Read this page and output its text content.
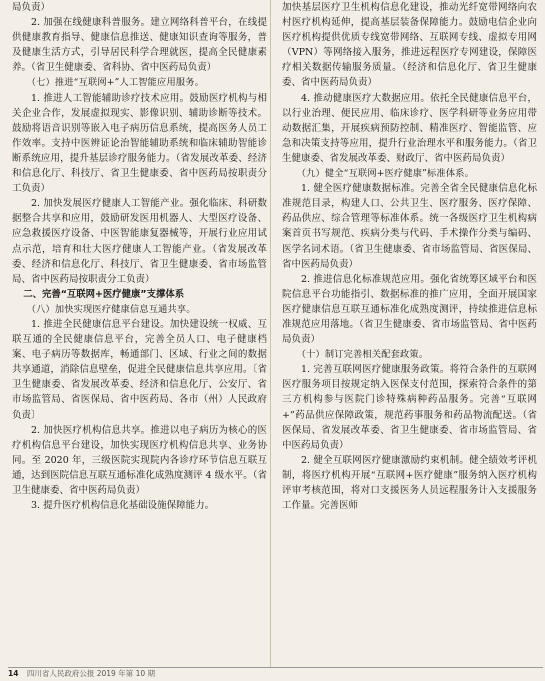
局负责）

2. 加强在线健康科普服务。建立网络科普平台，在线提供健康教育指导、健康信息推送、健康知识查询等服务，普及健康生活方式，引导居民科学合理就医，提高全民健康素养。（省卫生健康委、省科协、省中医药局负责）

（七）推进“互联网+”人工智能应用服务。

1. 推进人工智能辅助诊疗技术应用。鼓励医疗机构与相关企业合作，发展虚拟现实、影像识别、辅助诊断等技术。鼓励将语音识别等嵌入电子病历信息系统，提高医务人员工作效率。支持中医辨证论治智能辅助系统和临床辅助智能诊断系统应用，提升基层诊疗服务能力。（省发展改革委、经济和信息化厅、科技厅、省卫生健康委、省中医药局按职责分工负责）

2. 加快发展医疗健康人工智能产业。强化临床、科研数据整合共享和应用，鼓励研发医用机器人、大型医疗设备、应急救援医疗设备、中医智能康复器械等，开展行业应用试点示范，培育和壮大医疗健康人工智能产业。（省发展改革委、经济和信息化厅、科技厅、省卫生健康委、省市场监管局、省中医药局按职责分工负责）

二、完善“互联网+医疗健康”支撑体系

（八）加快实现医疗健康信息互通共享。

1. 推进全民健康信息平台建设。加快建设统一权威、互联互通的全民健康信息平台，完善全员人口、电子健康档案、电子病历等数据库，畅通部门、区域、行业之间的数据共享通道，消除信息壁垒，促进全民健康信息共享应用。〔省卫生健康委、省发展改革委、经济和信息化厅、公安厅、省市场监管局、省医保局、省中医药局、各市（州）人民政府负责〕

2. 加快医疗机构信息共享。推进以电子病历为核心的医疗机构信息平台建设，加快实现医疗机构信息共享、业务协同。至 2020 年，三级医院实现院内各诊疗环节信息互联互通，达到医院信息互联互通标准化成熟度测评 4 级水平。（省卫生健康委、省中医药局负责）

3. 提升医疗机构信息化基础设施保障能力。

加快基层医疗卫生机构信息化建设，推动光纤宽带网络向农村医疗机构延伸，提高基层装备保障能力。鼓励电信企业向医疗机构提供优质专线宽带网络、互联网专线、虚拟专用网（VPN）等网络接入服务，推进远程医疗专网建设，保障医疗相关数据传输服务质量。（经济和信息化厅、省卫生健康委、省中医药局负责）

4. 推动健康医疗大数据应用。依托全民健康信息平台，以行业治理、便民应用、临床诊疗、医学科研等业务应用带动数据汇集，开展疾病预防控制、精准医疗、智能监管、应急和决策支持等应用，提升行业治理水平和服务能力。（省卫生健康委、省发展改革委、财政厅、省中医药局负责）

（九）健全“互联网+医疗健康”标准体系。

1. 健全医疗健康数据标准。完善全省全民健康信息化标准规范目录，构建人口、公共卫生、医疗服务、医疗保障、药品供应、综合管理等标准体系。统一各级医疗卫生机构病案首页书写规范、疾病分类与代码、手术操作分类与编码、医学名词术语。（省卫生健康委、省市场监管局、省医保局、省中医药局负责）

2. 推进信息化标准规范应用。强化省统筹区域平台和医院信息平台功能指引、数据标准的推广应用，全面开展国家医疗健康信息互联互通标准化成熟度测评，持续推进信息标准规范应用落地。（省卫生健康委、省市场监管局、省中医药局负责）

（十）制订完善相关配套政策。

1. 完善互联网医疗健康服务政策。将符合条件的互联网医疗服务项目按规定纳入医保支付范围，探索符合条件的第三方机构参与医院门诊特殊病种药品服务。完善“互联网+”药品供应保障政策，规范药事服务和药品物流配送。（省医保局、省发展改革委、省卫生健康委、省市场监管局、省中医药局负责）

2. 健全互联网医疗健康激励约束机制。健全绩效考评机制，将医疗机构开展“互联网+医疗健康”服务纳入医疗机构评审考核范围，将对口支援医务人员远程服务计入支援服务工作量。完善医师

14 四川省人民政府公报 2019 年第 10 期
